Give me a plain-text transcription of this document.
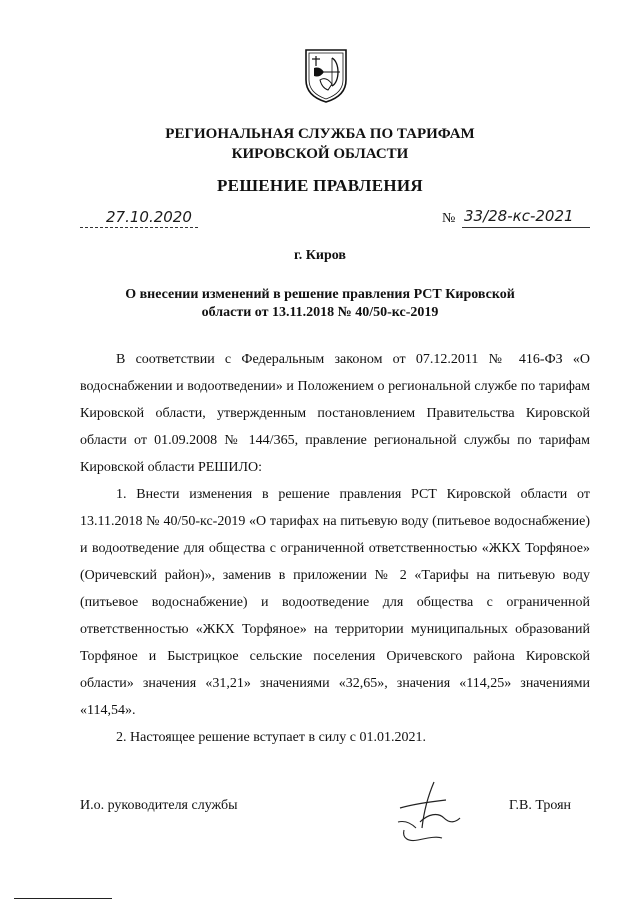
РЕГИОНАЛЬНАЯ СЛУЖБА ПО ТАРИФАМ
КИРОВСКОЙ ОБЛАСТИ
РЕШЕНИЕ ПРАВЛЕНИЯ
27.10.2020	№ 33/28-кс-2021
г. Киров
О внесении изменений в решение правления РСТ Кировской
области от 13.11.2018 № 40/50-кс-2019

В соответствии с Федеральным законом от 07.12.2011 № 416-ФЗ «О водоснабжении и водоотведении» и Положением о региональной службе по тарифам Кировской области, утвержденным постановлением Правительства Кировской области от 01.09.2008 № 144/365, правление региональной службы по тарифам Кировской области РЕШИЛО:

1. Внести изменения в решение правления РСТ Кировской области от 13.11.2018 № 40/50-кс-2019 «О тарифах на питьевую воду (питьевое водоснабжение) и водоотведение для общества с ограниченной ответственностью «ЖКХ Торфяное» (Оричевский район)», заменив в приложении № 2 «Тарифы на питьевую воду (питьевое водоснабжение) и водоотведение для общества с ограниченной ответственностью «ЖКХ Торфяное» на территории муниципальных образований Торфяное и Быстрицкое сельские поселения Оричевского района Кировской области» значения «31,21» значениями «32,65», значения «114,25» значениями «114,54».

2. Настоящее решение вступает в силу с 01.01.2021.

И.о. руководителя службы	Г.В. Троян
